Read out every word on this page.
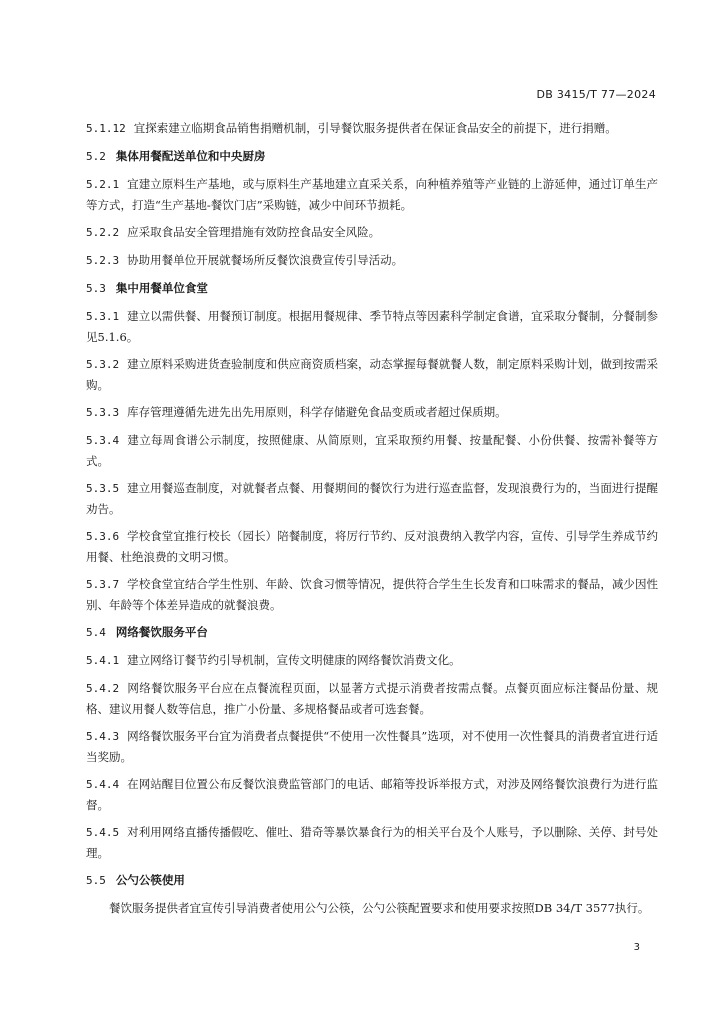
DB 3415/T 77—2024

5.1.12 宜探索建立临期食品销售捐赠机制，引导餐饮服务提供者在保证食品安全的前提下，进行捐赠。

5.2 集体用餐配送单位和中央厨房

5.2.1 宜建立原料生产基地，或与原料生产基地建立直采关系，向种植养殖等产业链的上游延伸，通过订单生产等方式，打造“生产基地-餐饮门店”采购链，减少中间环节损耗。

5.2.2 应采取食品安全管理措施有效防控食品安全风险。

5.2.3 协助用餐单位开展就餐场所反餐饮浪费宣传引导活动。

5.3 集中用餐单位食堂

5.3.1 建立以需供餐、用餐预订制度。根据用餐规律、季节特点等因素科学制定食谱，宜采取分餐制，分餐制参见5.1.6。

5.3.2 建立原料采购进货查验制度和供应商资质档案，动态掌握每餐就餐人数，制定原料采购计划，做到按需采购。

5.3.3 库存管理遵循先进先出先用原则，科学存储避免食品变质或者超过保质期。

5.3.4 建立每周食谱公示制度，按照健康、从简原则，宜采取预约用餐、按量配餐、小份供餐、按需补餐等方式。

5.3.5 建立用餐巡查制度，对就餐者点餐、用餐期间的餐饮行为进行巡查监督，发现浪费行为的，当面进行提醒劝告。

5.3.6 学校食堂宜推行校长（园长）陪餐制度，将厉行节约、反对浪费纳入教学内容，宣传、引导学生养成节约用餐、杜绝浪费的文明习惯。

5.3.7 学校食堂宜结合学生性别、年龄、饮食习惯等情况，提供符合学生生长发育和口味需求的餐品，减少因性别、年龄等个体差异造成的就餐浪费。

5.4 网络餐饮服务平台

5.4.1 建立网络订餐节约引导机制，宣传文明健康的网络餐饮消费文化。

5.4.2 网络餐饮服务平台应在点餐流程页面，以显著方式提示消费者按需点餐。点餐页面应标注餐品份量、规格、建议用餐人数等信息，推广小份量、多规格餐品或者可选套餐。

5.4.3 网络餐饮服务平台宜为消费者点餐提供“不使用一次性餐具”选项，对不使用一次性餐具的消费者宜进行适当奖励。

5.4.4 在网站醒目位置公布反餐饮浪费监管部门的电话、邮箱等投诉举报方式，对涉及网络餐饮浪费行为进行监督。

5.4.5 对利用网络直播传播假吃、催吐、猎奇等暴饮暴食行为的相关平台及个人账号，予以删除、关停、封号处理。

5.5 公勺公筷使用

餐饮服务提供者宜宣传引导消费者使用公勺公筷，公勺公筷配置要求和使用要求按照DB 34/T 3577执行。

3
